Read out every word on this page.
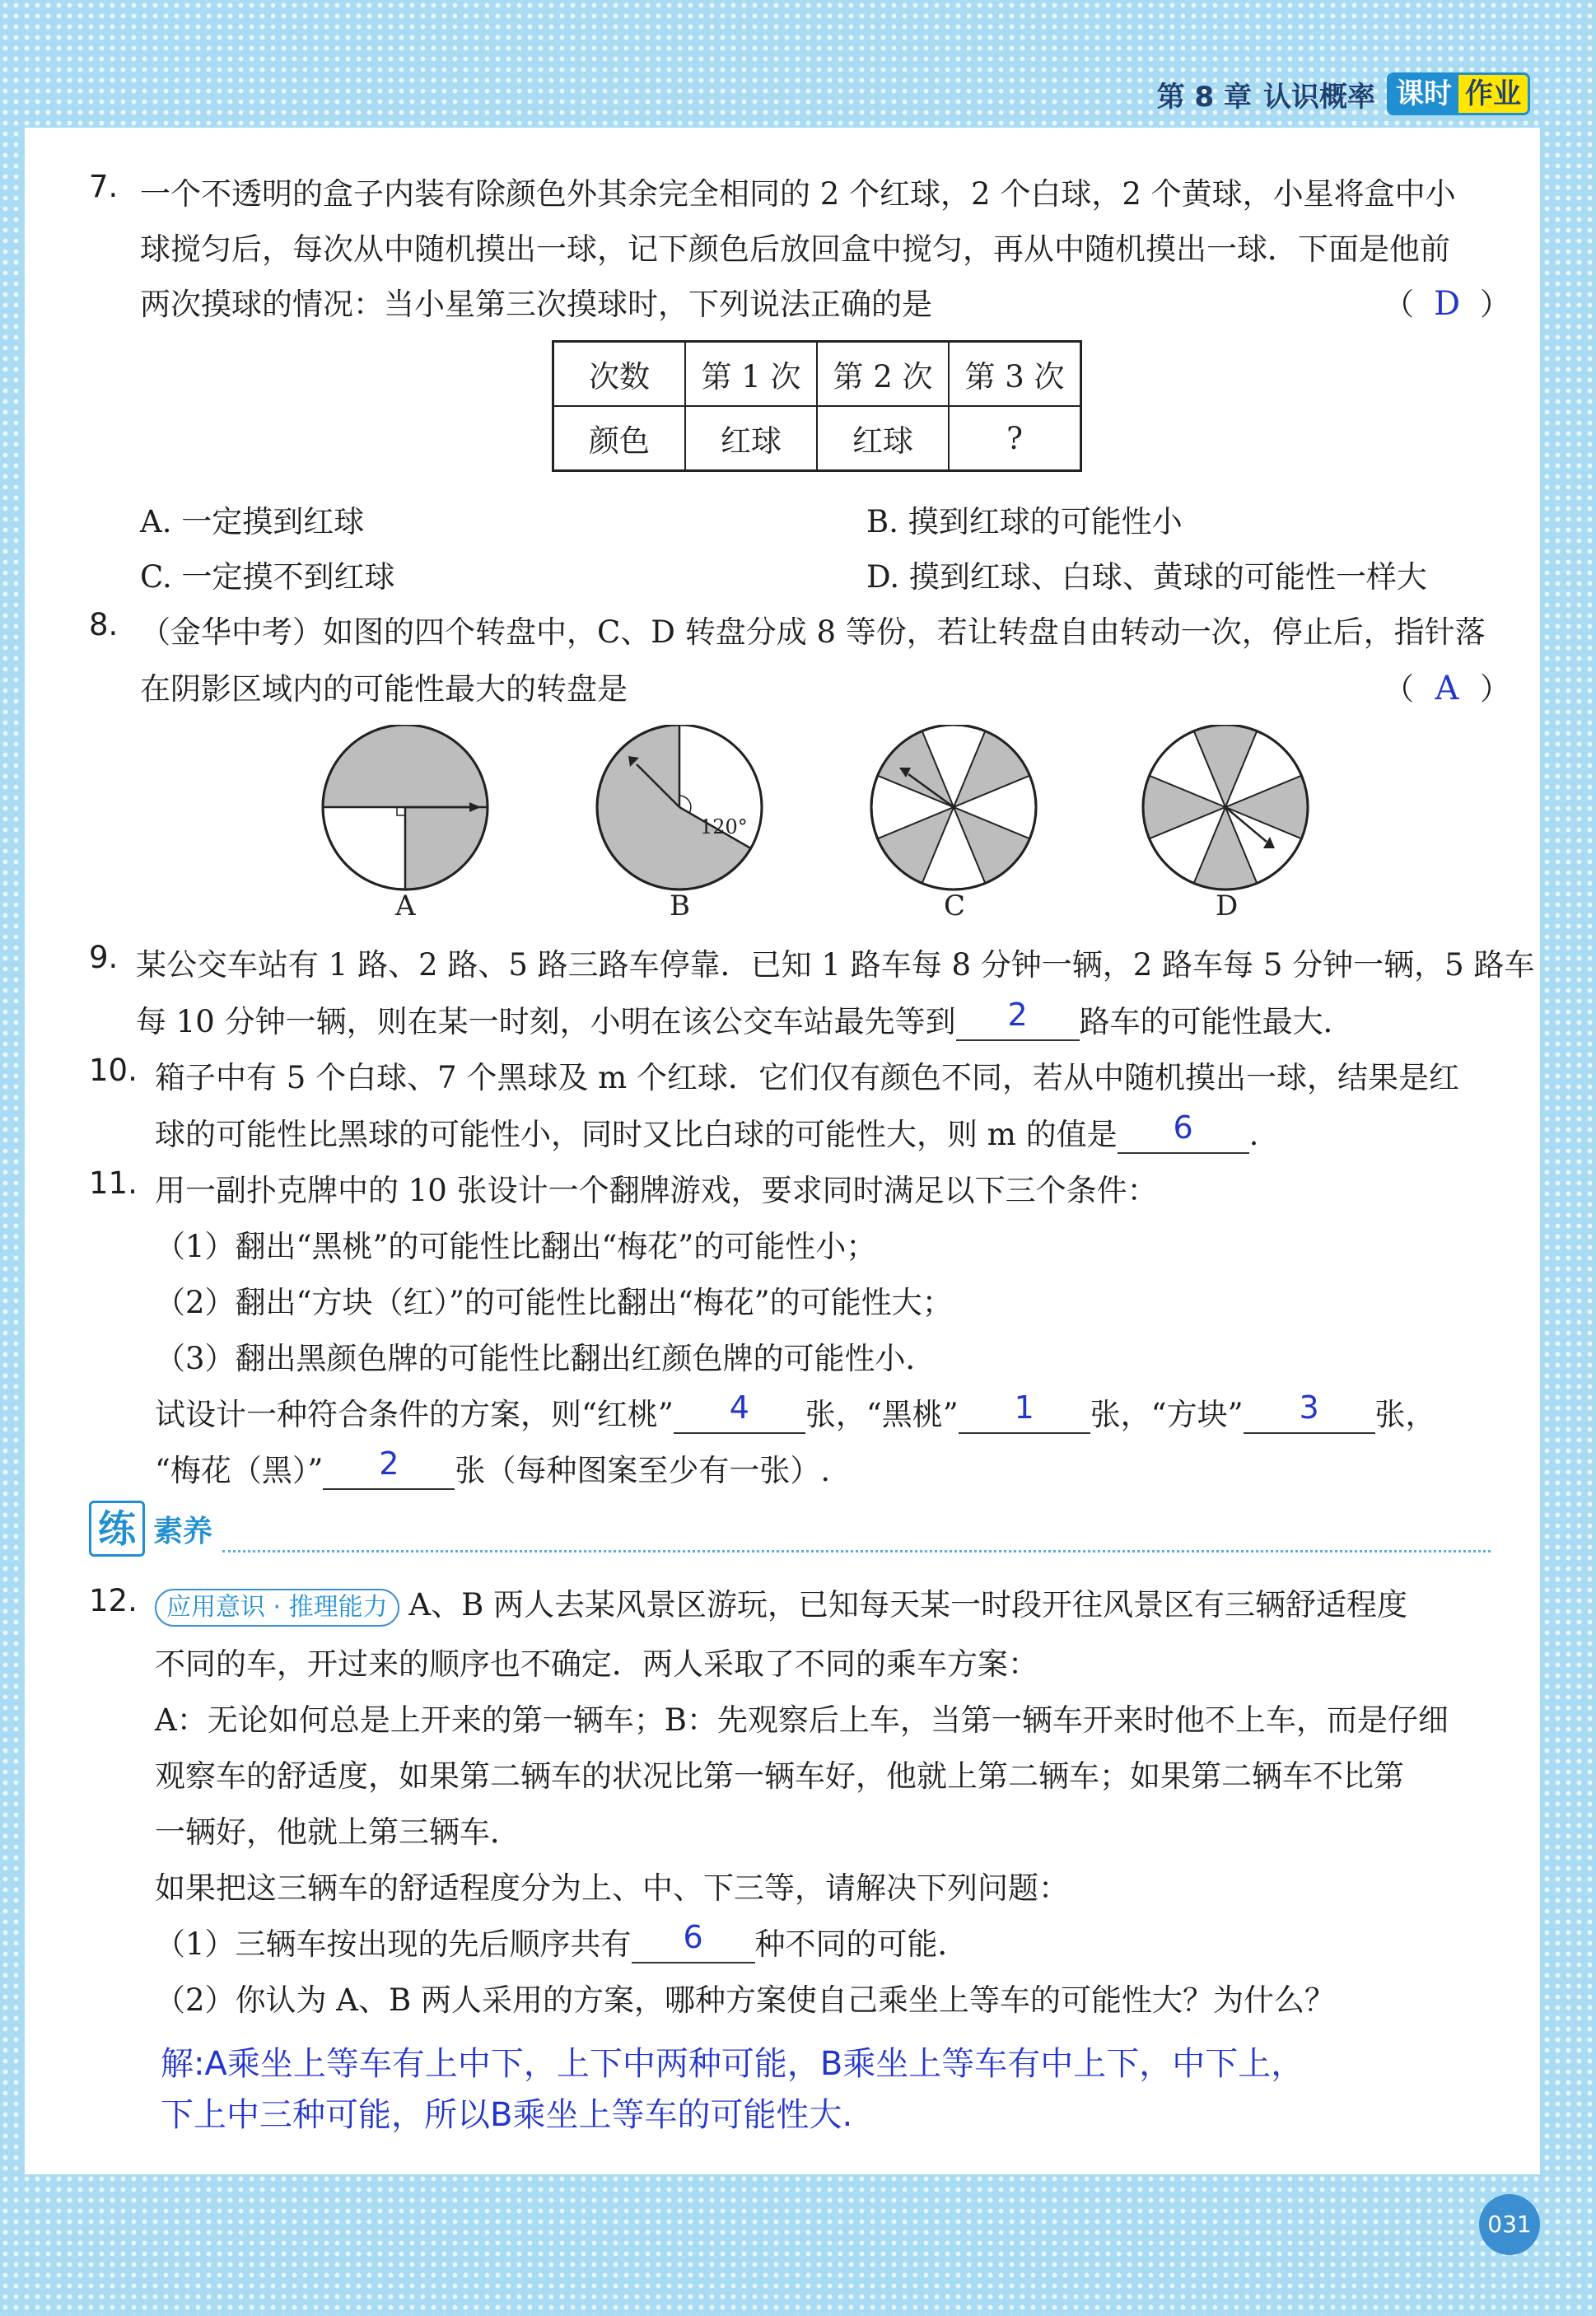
第 8 章 认识概率 课时 作业
7. 一个不透明的盒子内装有除颜色外其余完全相同的 2 个红球，2 个白球，2 个黄球，小星将盒中小
球搅匀后，每次从中随机摸出一球，记下颜色后放回盒中搅匀，再从中随机摸出一球．下面是他前
两次摸球的情况：当小星第三次摸球时，下列说法正确的是	（ D ）
次数	第 1 次	第 2 次	第 3 次
颜色	红球	红球	?
A. 一定摸到红球	B. 摸到红球的可能性小
C. 一定摸不到红球	D. 摸到红球、白球、黄球的可能性一样大
8. （金华中考）如图的四个转盘中，C、D 转盘分成 8 等份，若让转盘自由转动一次，停止后，指针落
在阴影区域内的可能性最大的转盘是	（ A ）
120°
A	B	C	D
9. 某公交车站有 1 路、2 路、5 路三路车停靠．已知 1 路车每 8 分钟一辆，2 路车每 5 分钟一辆，5 路车
每 10 分钟一辆，则在某一时刻，小明在该公交车站最先等到	2	路车的可能性最大．
10. 箱子中有 5 个白球、7 个黑球及 m 个红球．它们仅有颜色不同，若从中随机摸出一球，结果是红
球的可能性比黑球的可能性小，同时又比白球的可能性大，则 m 的值是	6	.
11. 用一副扑克牌中的 10 张设计一个翻牌游戏，要求同时满足以下三个条件：
（1）翻出“黑桃”的可能性比翻出“梅花”的可能性小；
（2）翻出“方块（红）”的可能性比翻出“梅花”的可能性大；
（3）翻出黑颜色牌的可能性比翻出红颜色牌的可能性小．
试设计一种符合条件的方案，则“红桃”	4	张，“黑桃”	1	张，“方块”	3	张，
“梅花（黑）”	2	张（每种图案至少有一张）.
练 素养
12.	应用意识 · 推理能力 A、B 两人去某风景区游玩，已知每天某一时段开往风景区有三辆舒适程度
不同的车，开过来的顺序也不确定．两人采取了不同的乘车方案：
A：无论如何总是上开来的第一辆车；B：先观察后上车，当第一辆车开来时他不上车，而是仔细
观察车的舒适度，如果第二辆车的状况比第一辆车好，他就上第二辆车；如果第二辆车不比第
一辆好，他就上第三辆车．
如果把这三辆车的舒适程度分为上、中、下三等，请解决下列问题：
（1）三辆车按出现的先后顺序共有	6	种不同的可能．
（2）你认为 A、B 两人采用的方案，哪种方案使自己乘坐上等车的可能性大？为什么？
解:A乘坐上等车有上中下，上下中两种可能，B乘坐上等车有中上下，中下上，
下上中三种可能，所以B乘坐上等车的可能性大.
031
